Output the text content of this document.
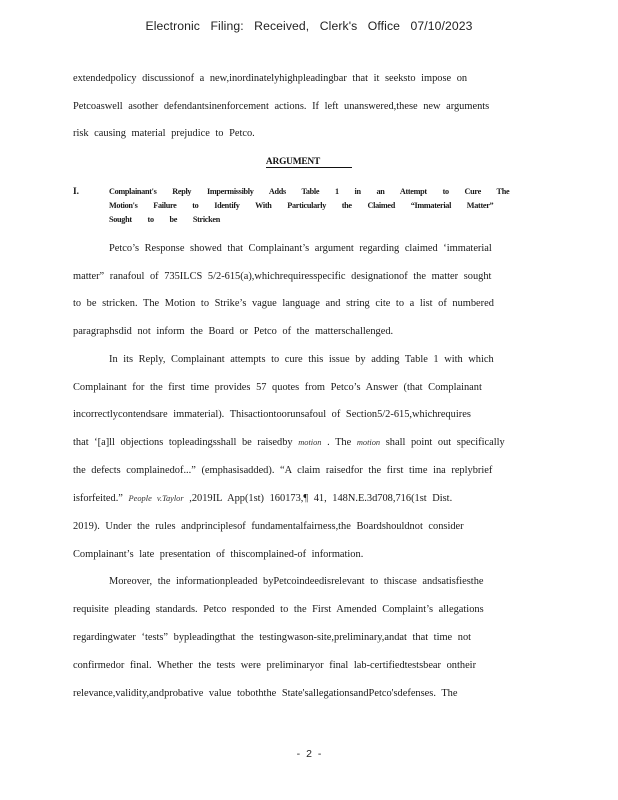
Electronic Filing: Received, Clerk's Office 07/10/2023
extendedpolicy discussionof a new,inordinatelyhighpleadingbar that it seeksto impose on
Petcoaswell asother defendantsinenforcement actions. If left unanswered,these new arguments
risk causing material prejudice to Petco.
ARGUMENT
I.	Complainant's Reply Impermissibly Adds Table 1 in an Attempt to Cure The
Motion's Failure to Identify With Particularly the Claimed “Immaterial Matter”
Sought to be Stricken
Petco’s Response showed that Complainant’s argument regarding claimed ‘immaterial
matter” ranafoul of 735ILCS 5/2-615(a),whichrequiresspecific designationof the matter sought
to be stricken. The Motion to Strike’s vague language and string cite to a list of numbered
paragraphsdid not inform the Board or Petco of the matterschallenged.
In its Reply, Complainant attempts to cure this issue by adding Table 1 with which
Complainant for the first time provides 57 quotes from Petco’s Answer (that Complainant
incorrectlycontendsare immaterial). Thisactiontoorunsafoul of Section5/2-615,whichrequires
that ‘[a]ll objections topleadingsshall be raisedby motion . The motion shall point out specifically
the defects complainedof...” (emphasisadded). “A claim raisedfor the first time ina replybrief
isforfeited.” People v.Taylor ,2019IL App(1st) 160173,¶ 41, 148N.E.3d708,716(1st Dist.
2019). Under the rules andprinciplesof fundamentalfairness,the Boardshouldnot consider
Complainant’s late presentation of thiscomplained-of information.
Moreover, the informationpleaded byPetcoindeedisrelevant to thiscase andsatisfiesthe
requisite pleading standards. Petco responded to the First Amended Complaint’s allegations
regardingwater ‘tests” bypleadingthat the testingwason-site,preliminary,andat that time not
confirmedor final. Whether the tests were preliminaryor final lab-certifiedtestsbear ontheir
relevance,validity,andprobative value toboththe State'sallegationsandPetco'sdefenses. The
- 2 -
